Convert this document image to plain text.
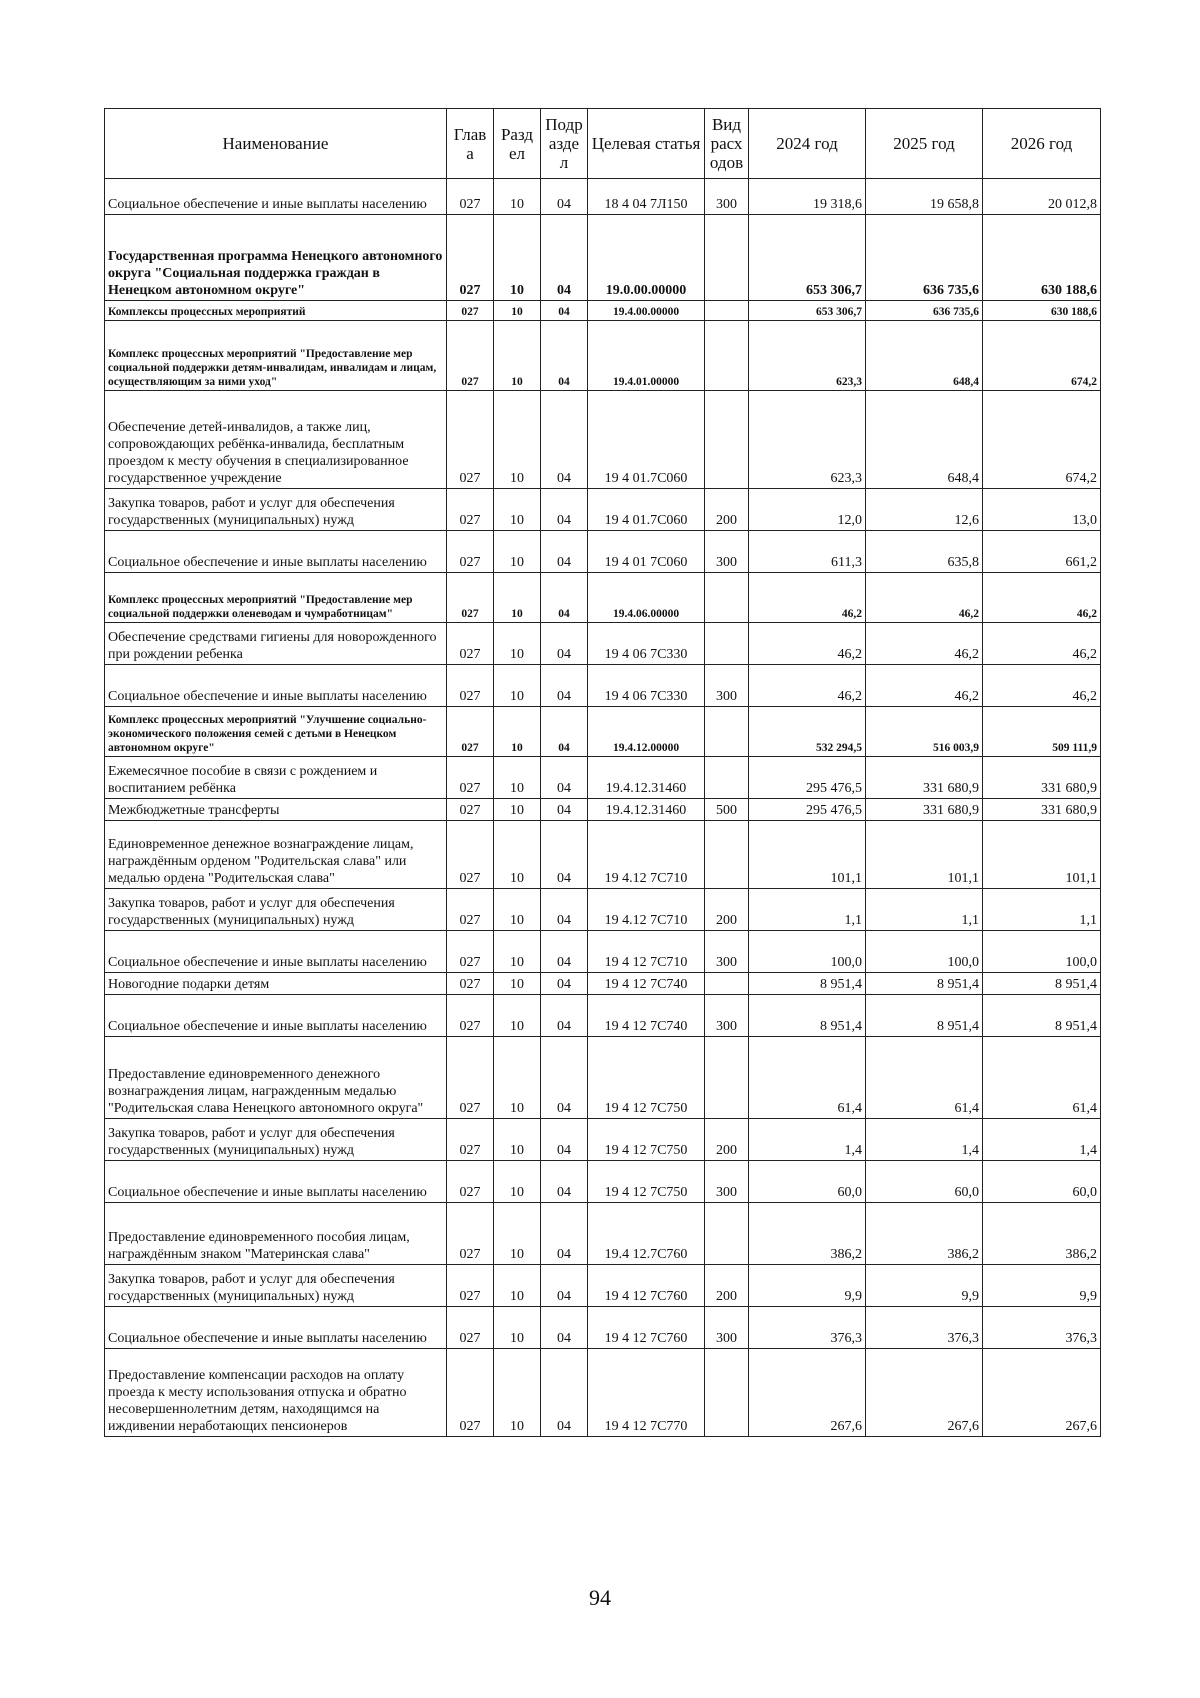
Наименование	Глав а	Разд ел	Подр азде л	Целевая статья	Вид расх одов	2024 год	2025 год	2026 год
Социальное обеспечение и иные выплаты населению	027	10	04	18 4 04 7Л150	300	19 318,6	19 658,8	20 012,8
Государственная программа Ненецкого автономного округа "Социальная поддержка граждан в Ненецком автономном округе"	027	10	04	19.0.00.00000		653 306,7	636 735,6	630 188,6
Комплексы процессных мероприятий	027	10	04	19.4.00.00000		653 306,7	636 735,6	630 188,6
Комплекс процессных мероприятий "Предоставление мер социальной поддержки детям-инвалидам, инвалидам и лицам, осуществляющим за ними уход"	027	10	04	19.4.01.00000		623,3	648,4	674,2
Обеспечение детей-инвалидов, а также лиц, сопровождающих ребёнка-инвалида, бесплатным проездом к месту обучения в специализированное государственное учреждение	027	10	04	19 4 01.7С060		623,3	648,4	674,2
Закупка товаров, работ и услуг для обеспечения государственных (муниципальных) нужд	027	10	04	19 4 01.7С060	200	12,0	12,6	13,0
Социальное обеспечение и иные выплаты населению	027	10	04	19 4 01 7С060	300	611,3	635,8	661,2
Комплекс процессных мероприятий "Предоставление мер социальной поддержки оленеводам и чумработницам"	027	10	04	19.4.06.00000		46,2	46,2	46,2
Обеспечение средствами гигиены для новорожденного при рождении ребенка	027	10	04	19 4 06 7С330		46,2	46,2	46,2
Социальное обеспечение и иные выплаты населению	027	10	04	19 4 06 7С330	300	46,2	46,2	46,2
Комплекс процессных мероприятий "Улучшение социально-экономического положения семей с детьми в Ненецком автономном округе"	027	10	04	19.4.12.00000		532 294,5	516 003,9	509 111,9
Ежемесячное пособие в связи с рождением и воспитанием ребёнка	027	10	04	19.4.12.31460		295 476,5	331 680,9	331 680,9
Межбюджетные трансферты	027	10	04	19.4.12.31460	500	295 476,5	331 680,9	331 680,9
Единовременное денежное вознаграждение лицам, награждённым орденом "Родительская слава" или медалью ордена "Родительская слава"	027	10	04	19 4.12 7С710		101,1	101,1	101,1
Закупка товаров, работ и услуг для обеспечения государственных (муниципальных) нужд	027	10	04	19 4.12 7С710	200	1,1	1,1	1,1
Социальное обеспечение и иные выплаты населению	027	10	04	19 4 12 7С710	300	100,0	100,0	100,0
Новогодние подарки детям	027	10	04	19 4 12 7С740		8 951,4	8 951,4	8 951,4
Социальное обеспечение и иные выплаты населению	027	10	04	19 4 12 7С740	300	8 951,4	8 951,4	8 951,4
Предоставление единовременного денежного вознаграждения лицам, награжденным медалью "Родительская слава Ненецкого автономного округа"	027	10	04	19 4 12 7С750		61,4	61,4	61,4
Закупка товаров, работ и услуг для обеспечения государственных (муниципальных) нужд	027	10	04	19 4 12 7С750	200	1,4	1,4	1,4
Социальное обеспечение и иные выплаты населению	027	10	04	19 4 12 7С750	300	60,0	60,0	60,0
Предоставление единовременного пособия лицам, награждённым знаком "Материнская слава"	027	10	04	19.4 12.7С760		386,2	386,2	386,2
Закупка товаров, работ и услуг для обеспечения государственных (муниципальных) нужд	027	10	04	19 4 12 7С760	200	9,9	9,9	9,9
Социальное обеспечение и иные выплаты населению	027	10	04	19 4 12 7С760	300	376,3	376,3	376,3
Предоставление компенсации расходов на оплату проезда к месту использования отпуска и обратно несовершеннолетним детям, находящимся на иждивении неработающих пенсионеров	027	10	04	19 4 12 7С770		267,6	267,6	267,6
94
